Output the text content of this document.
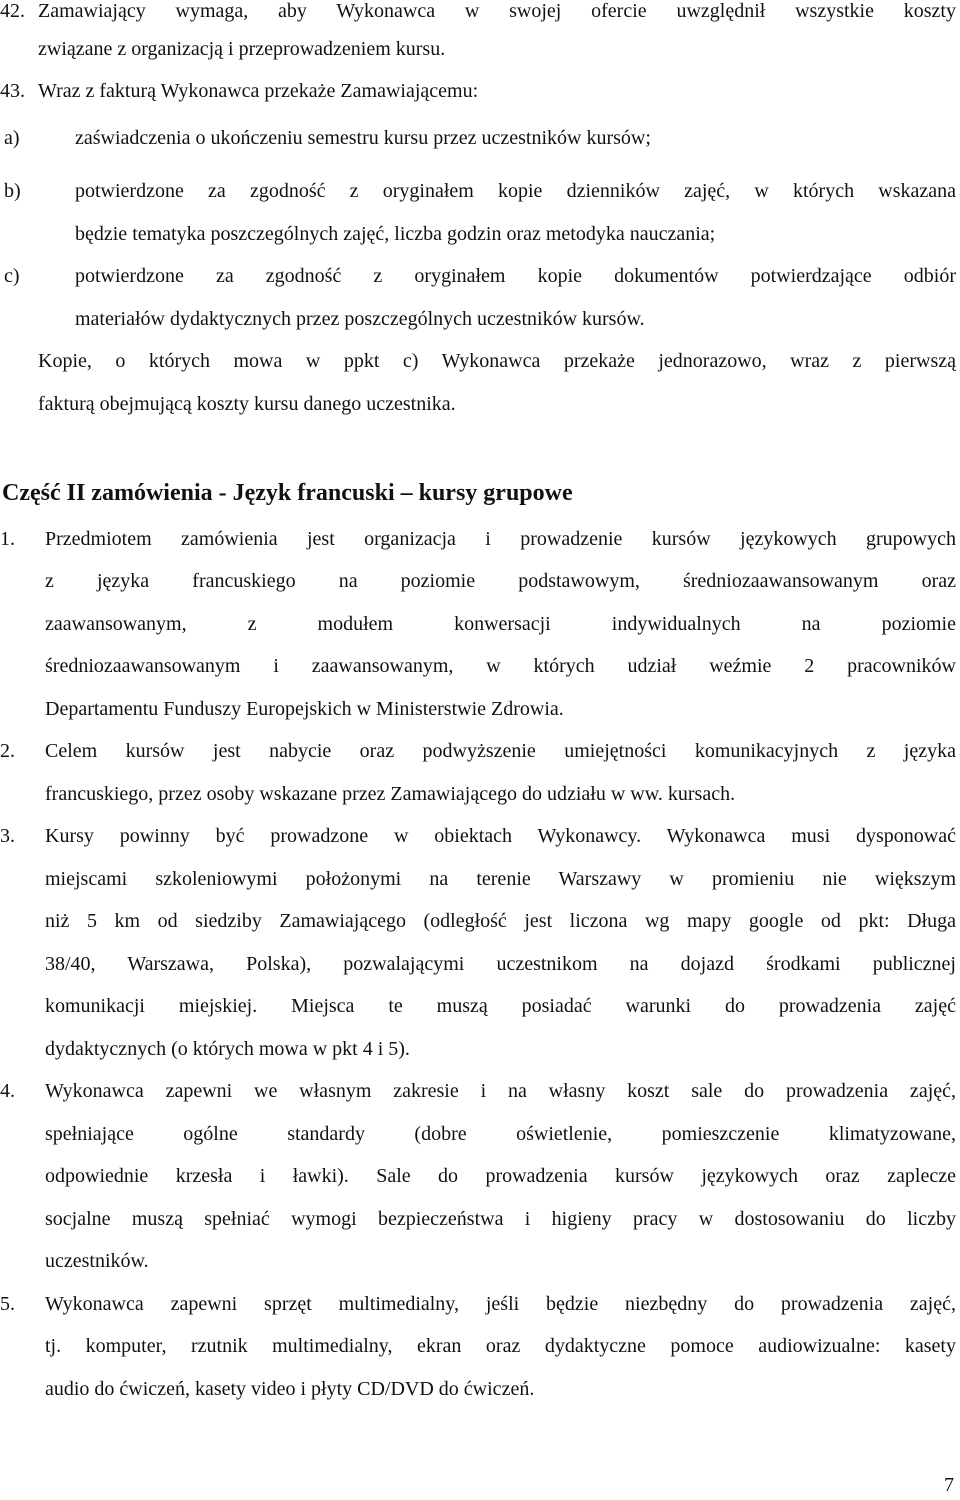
42. Zamawiający wymaga, aby Wykonawca w swojej ofercie uwzględnił wszystkie koszty
związane z organizacją i przeprowadzeniem kursu.
43. Wraz z fakturą Wykonawca przekaże Zamawiającemu:
a)	zaświadczenia o ukończeniu semestru kursu przez uczestników kursów;
b)	potwierdzone za zgodność z oryginałem kopie dzienników zajęć, w których wskazana
będzie tematyka poszczególnych zajęć, liczba godzin oraz metodyka nauczania;
c)	potwierdzone za zgodność z oryginałem kopie dokumentów potwierdzające odbiór
materiałów dydaktycznych przez poszczególnych uczestników kursów.
Kopie, o których mowa w ppkt c) Wykonawca przekaże jednorazowo, wraz z pierwszą
fakturą obejmującą koszty kursu danego uczestnika.
Część II zamówienia - Język francuski – kursy grupowe
1. Przedmiotem zamówienia jest organizacja i prowadzenie kursów językowych grupowych
z języka francuskiego na poziomie podstawowym, średniozaawansowanym oraz
zaawansowanym, z modułem konwersacji indywidualnych na poziomie
średniozaawansowanym i zaawansowanym, w których udział weźmie 2 pracowników
Departamentu Funduszy Europejskich w Ministerstwie Zdrowia.
2. Celem kursów jest nabycie oraz podwyższenie umiejętności komunikacyjnych z języka
francuskiego, przez osoby wskazane przez Zamawiającego do udziału w ww. kursach.
3. Kursy powinny być prowadzone w obiektach Wykonawcy. Wykonawca musi dysponować
miejscami szkoleniowymi położonymi na terenie Warszawy w promieniu nie większym
niż 5 km od siedziby Zamawiającego (odległość jest liczona wg mapy google od pkt: Długa
38/40, Warszawa, Polska), pozwalającymi uczestnikom na dojazd środkami publicznej
komunikacji miejskiej. Miejsca te muszą posiadać warunki do prowadzenia zajęć
dydaktycznych (o których mowa w pkt 4 i 5).
4. Wykonawca zapewni we własnym zakresie i na własny koszt sale do prowadzenia zajęć,
spełniające ogólne standardy (dobre oświetlenie, pomieszczenie klimatyzowane,
odpowiednie krzesła i ławki). Sale do prowadzenia kursów językowych oraz zaplecze
socjalne muszą spełniać wymogi bezpieczeństwa i higieny pracy w dostosowaniu do liczby
uczestników.
5. Wykonawca zapewni sprzęt multimedialny, jeśli będzie niezbędny do prowadzenia zajęć,
tj. komputer, rzutnik multimedialny, ekran oraz dydaktyczne pomoce audiowizualne: kasety
audio do ćwiczeń, kasety video i płyty CD/DVD do ćwiczeń.
7
